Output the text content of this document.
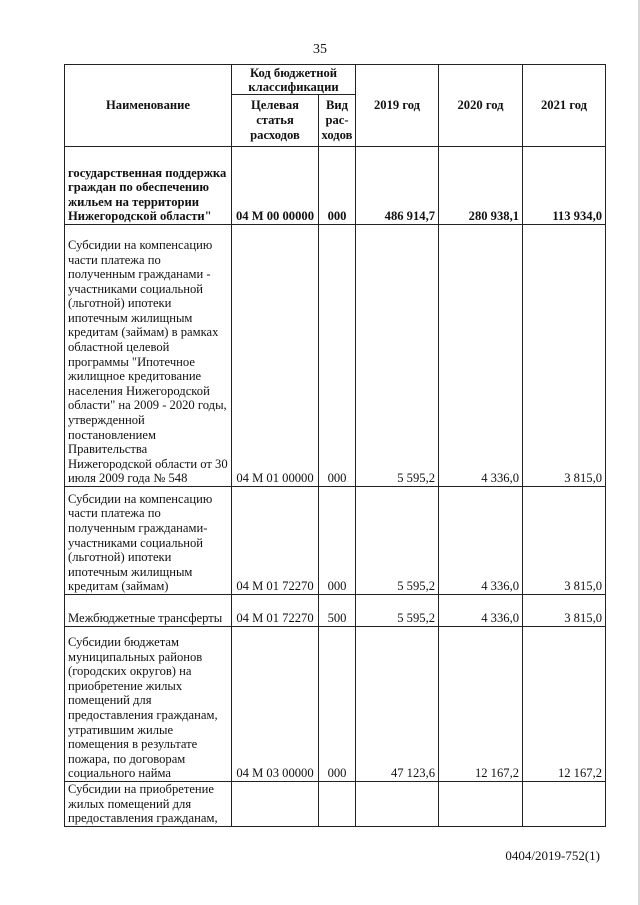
35
Наименование	Код бюджетной классификации		2019 год	2020 год	2021 год
	Целевая статья расходов	Вид рас-ходов			
государственная поддержка граждан по обеспечению жильем на территории Нижегородской области"	04 М 00 00000	000	486 914,7	280 938,1	113 934,0
Субсидии на компенсацию части платежа по полученным гражданами - участниками социальной (льготной) ипотеки ипотечным жилищным кредитам (займам) в рамках областной целевой программы "Ипотечное жилищное кредитование населения Нижегородской области" на 2009 - 2020 годы, утвержденной постановлением Правительства Нижегородской области от 30 июля 2009 года № 548	04 М 01 00000	000	5 595,2	4 336,0	3 815,0
Субсидии на компенсацию части платежа по полученным гражданами-участниками социальной (льготной) ипотеки ипотечным жилищным кредитам (займам)	04 М 01 72270	000	5 595,2	4 336,0	3 815,0
Межбюджетные трансферты	04 М 01 72270	500	5 595,2	4 336,0	3 815,0
Субсидии бюджетам муниципальных районов (городских округов) на приобретение жилых помещений для предоставления гражданам, утратившим жилые помещения в результате пожара, по договорам социального найма	04 М 03 00000	000	47 123,6	12 167,2	12 167,2
Субсидии на приобретение жилых помещений для предоставления гражданам,					
0404/2019-752(1)
